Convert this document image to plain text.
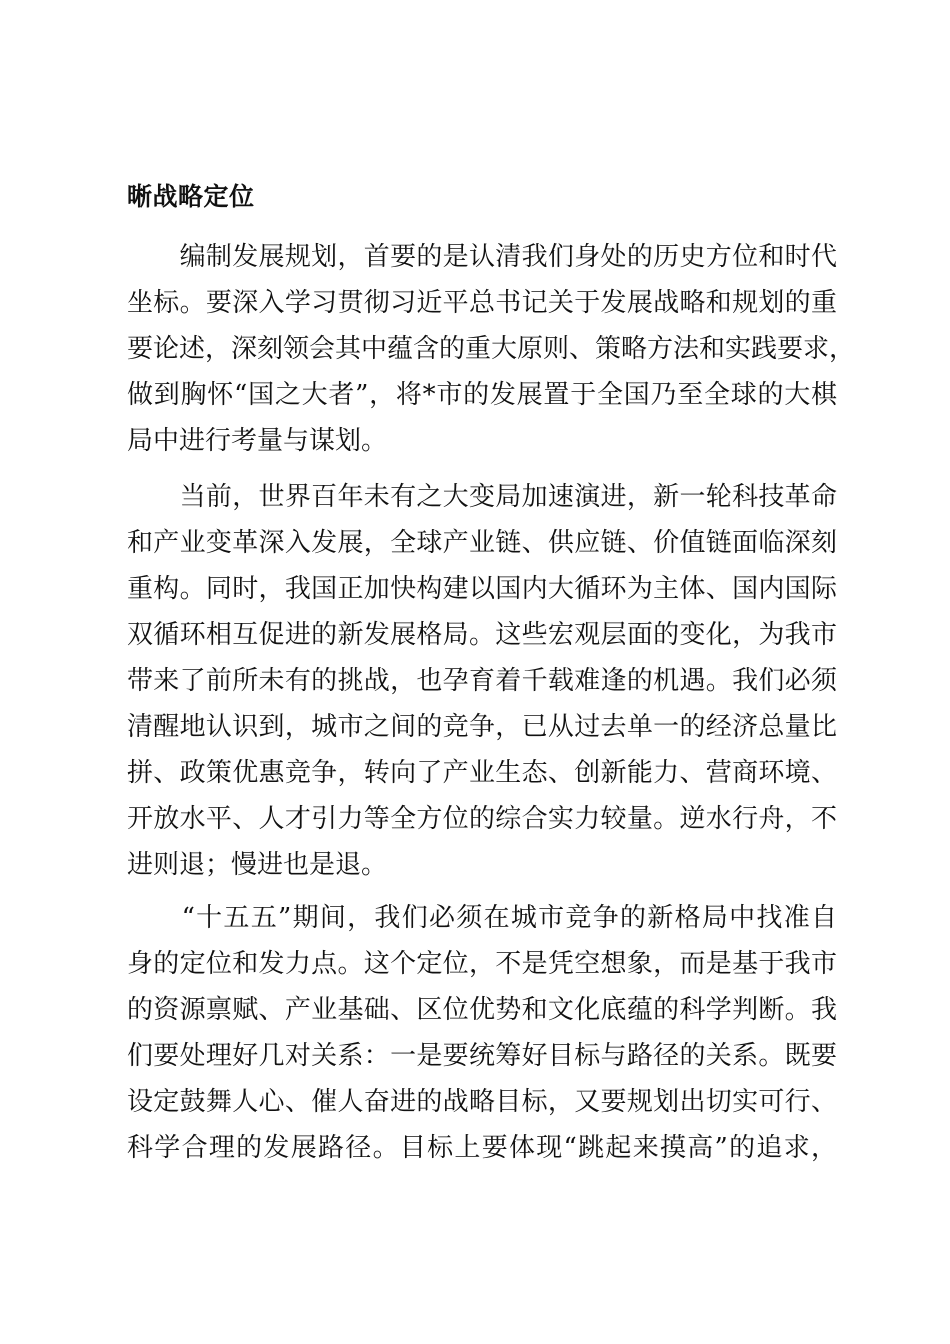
晰战略定位

　　编制发展规划，首要的是认清我们身处的历史方位和时代

坐标。要深入学习贯彻习近平总书记关于发展战略和规划的重

要论述，深刻领会其中蕴含的重大原则、策略方法和实践要求，

做到胸怀“国之大者”，将*市的发展置于全国乃至全球的大棋

局中进行考量与谋划。

　　当前，世界百年未有之大变局加速演进，新一轮科技革命

和产业变革深入发展，全球产业链、供应链、价值链面临深刻

重构。同时，我国正加快构建以国内大循环为主体、国内国际

双循环相互促进的新发展格局。这些宏观层面的变化，为我市

带来了前所未有的挑战，也孕育着千载难逢的机遇。我们必须

清醒地认识到，城市之间的竞争，已从过去单一的经济总量比

拼、政策优惠竞争，转向了产业生态、创新能力、营商环境、

开放水平、人才引力等全方位的综合实力较量。逆水行舟，不

进则退；慢进也是退。

　　“十五五”期间，我们必须在城市竞争的新格局中找准自

身的定位和发力点。这个定位，不是凭空想象，而是基于我市

的资源禀赋、产业基础、区位优势和文化底蕴的科学判断。我

们要处理好几对关系：一是要统筹好目标与路径的关系。既要

设定鼓舞人心、催人奋进的战略目标，又要规划出切实可行、

科学合理的发展路径。目标上要体现“跳起来摸高”的追求，
